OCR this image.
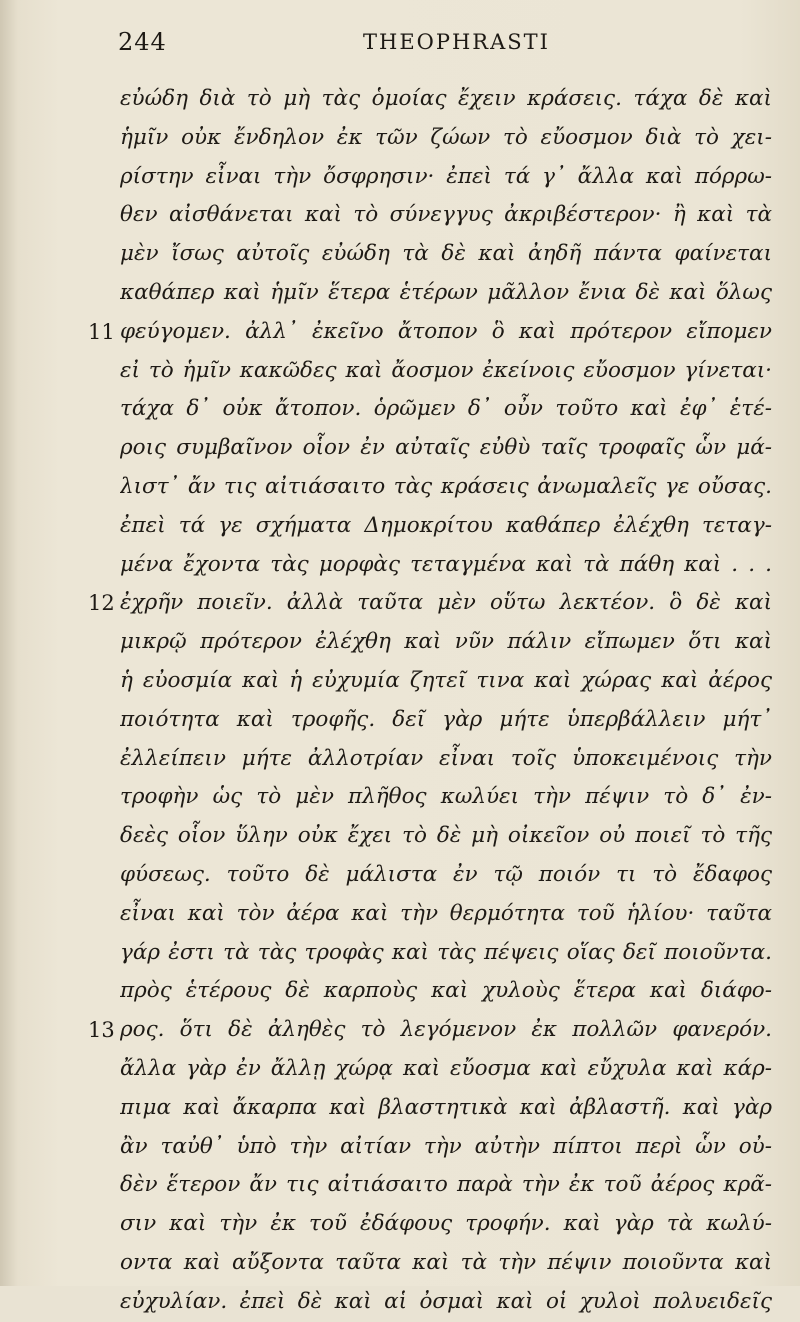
244	THEOPHRASTI
εὐώδη διὰ τὸ μὴ τὰς ὁμοίας ἔχειν κράσεις. τάχα δὲ καὶ
ἡμῖν οὐκ ἔνδηλον ἐκ τῶν ζώων τὸ εὔοσμον διὰ τὸ χει-
ρίστην εἶναι τὴν ὄσφρησιν· ἐπεὶ τά γ᾽ ἄλλα καὶ πόρρω-
θεν αἰσθάνεται καὶ τὸ σύνεγγυς ἀκριβέστερον· ἢ καὶ τὰ
μὲν ἴσως αὐτοῖς εὐώδη τὰ δὲ καὶ ἀηδῆ πάντα φαίνεται
καθάπερ καὶ ἡμῖν ἕτερα ἑτέρων μᾶλλον ἔνια δὲ καὶ ὅλως
11 φεύγομεν. ἀλλ᾽ ἐκεῖνο ἄτοπον ὃ καὶ πρότερον εἴπομεν
εἰ τὸ ἡμῖν κακῶδες καὶ ἄοσμον ἐκείνοις εὔοσμον γίνεται·
τάχα δ᾽ οὐκ ἄτοπον. ὁρῶμεν δ᾽ οὖν τοῦτο καὶ ἐφ᾽ ἑτέ-
ροις συμβαῖνον οἷον ἐν αὐταῖς εὐθὺ ταῖς τροφαῖς ὧν μά-
λιστ᾽ ἄν τις αἰτιάσαιτο τὰς κράσεις ἀνωμαλεῖς γε οὔσας.
ἐπεὶ τά γε σχήματα Δημοκρίτου καθάπερ ἐλέχθη τεταγ-
μένα ἔχοντα τὰς μορφὰς τεταγμένα καὶ τὰ πάθη καὶ . . .
12 ἐχρῆν ποιεῖν. ἀλλὰ ταῦτα μὲν οὕτω λεκτέον. ὃ δὲ καὶ
μικρῷ πρότερον ἐλέχθη καὶ νῦν πάλιν εἴπωμεν ὅτι καὶ
ἡ εὐοσμία καὶ ἡ εὐχυμία ζητεῖ τινα καὶ χώρας καὶ ἀέρος
ποιότητα καὶ τροφῆς. δεῖ γὰρ μήτε ὑπερβάλλειν μήτ᾽
ἐλλείπειν μήτε ἀλλοτρίαν εἶναι τοῖς ὑποκειμένοις τὴν
τροφὴν ὡς τὸ μὲν πλῆθος κωλύει τὴν πέψιν τὸ δ᾽ ἐν-
δεὲς οἷον ὕλην οὐκ ἔχει τὸ δὲ μὴ οἰκεῖον οὐ ποιεῖ τὸ τῆς
φύσεως. τοῦτο δὲ μάλιστα ἐν τῷ ποιόν τι τὸ ἔδαφος
εἶναι καὶ τὸν ἀέρα καὶ τὴν θερμότητα τοῦ ἡλίου· ταῦτα
γάρ ἐστι τὰ τὰς τροφὰς καὶ τὰς πέψεις οἵας δεῖ ποιοῦντα.
πρὸς ἑτέρους δὲ καρποὺς καὶ χυλοὺς ἕτερα καὶ διάφο-
13 ρος. ὅτι δὲ ἀληθὲς τὸ λεγόμενον ἐκ πολλῶν φανερόν.
ἄλλα γὰρ ἐν ἄλλῃ χώρᾳ καὶ εὔοσμα καὶ εὔχυλα καὶ κάρ-
πιμα καὶ ἄκαρπα καὶ βλαστητικὰ καὶ ἀβλαστῆ. καὶ γὰρ
ἂν ταὐθ᾽ ὑπὸ τὴν αἰτίαν τὴν αὐτὴν πίπτοι περὶ ὧν οὐ-
δὲν ἕτερον ἄν τις αἰτιάσαιτο παρὰ τὴν ἐκ τοῦ ἀέρος κρᾶ-
σιν καὶ τὴν ἐκ τοῦ ἐδάφους τροφήν. καὶ γὰρ τὰ κωλύ-
οντα καὶ αὔξοντα ταῦτα καὶ τὰ τὴν πέψιν ποιοῦντα καὶ
εὐχυλίαν. ἐπεὶ δὲ καὶ αἱ ὀσμαὶ καὶ οἱ χυλοὶ πολυειδεῖς
